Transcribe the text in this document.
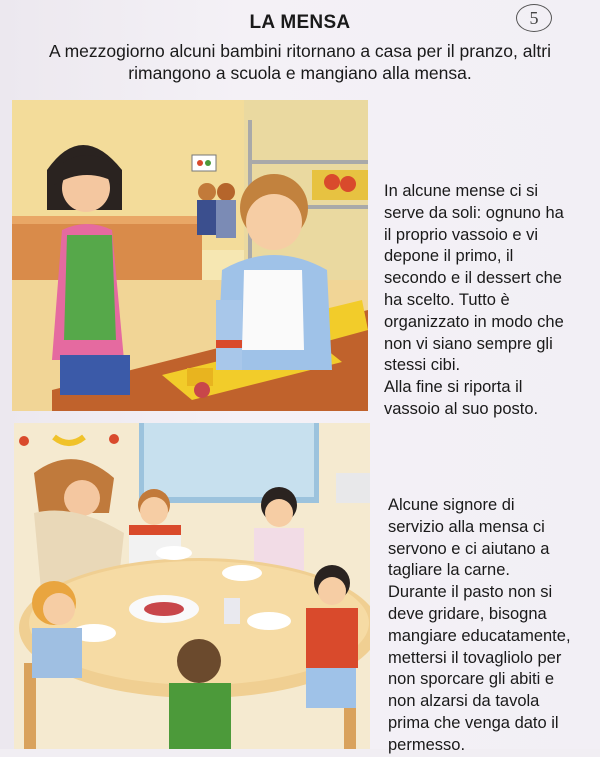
5
LA MENSA
A mezzogiorno alcuni bambini ritornano a casa per il pranzo, altri
rimangono a scuola e mangiano alla mensa.
In alcune mense ci si
serve da soli: ognuno ha
il proprio vassoio e vi
depone il primo, il
secondo e il dessert che
ha scelto. Tutto è
organizzato in modo che
non vi siano sempre gli
stessi cibi.
Alla fine si riporta il
vassoio al suo posto.
Alcune signore di
servizio alla mensa ci
servono e ci aiutano a
tagliare la carne.
Durante il pasto non si
deve gridare, bisogna
mangiare educatamente,
mettersi il tovagliolo per
non sporcare gli abiti e
non alzarsi da tavola
prima che venga dato il
permesso.
